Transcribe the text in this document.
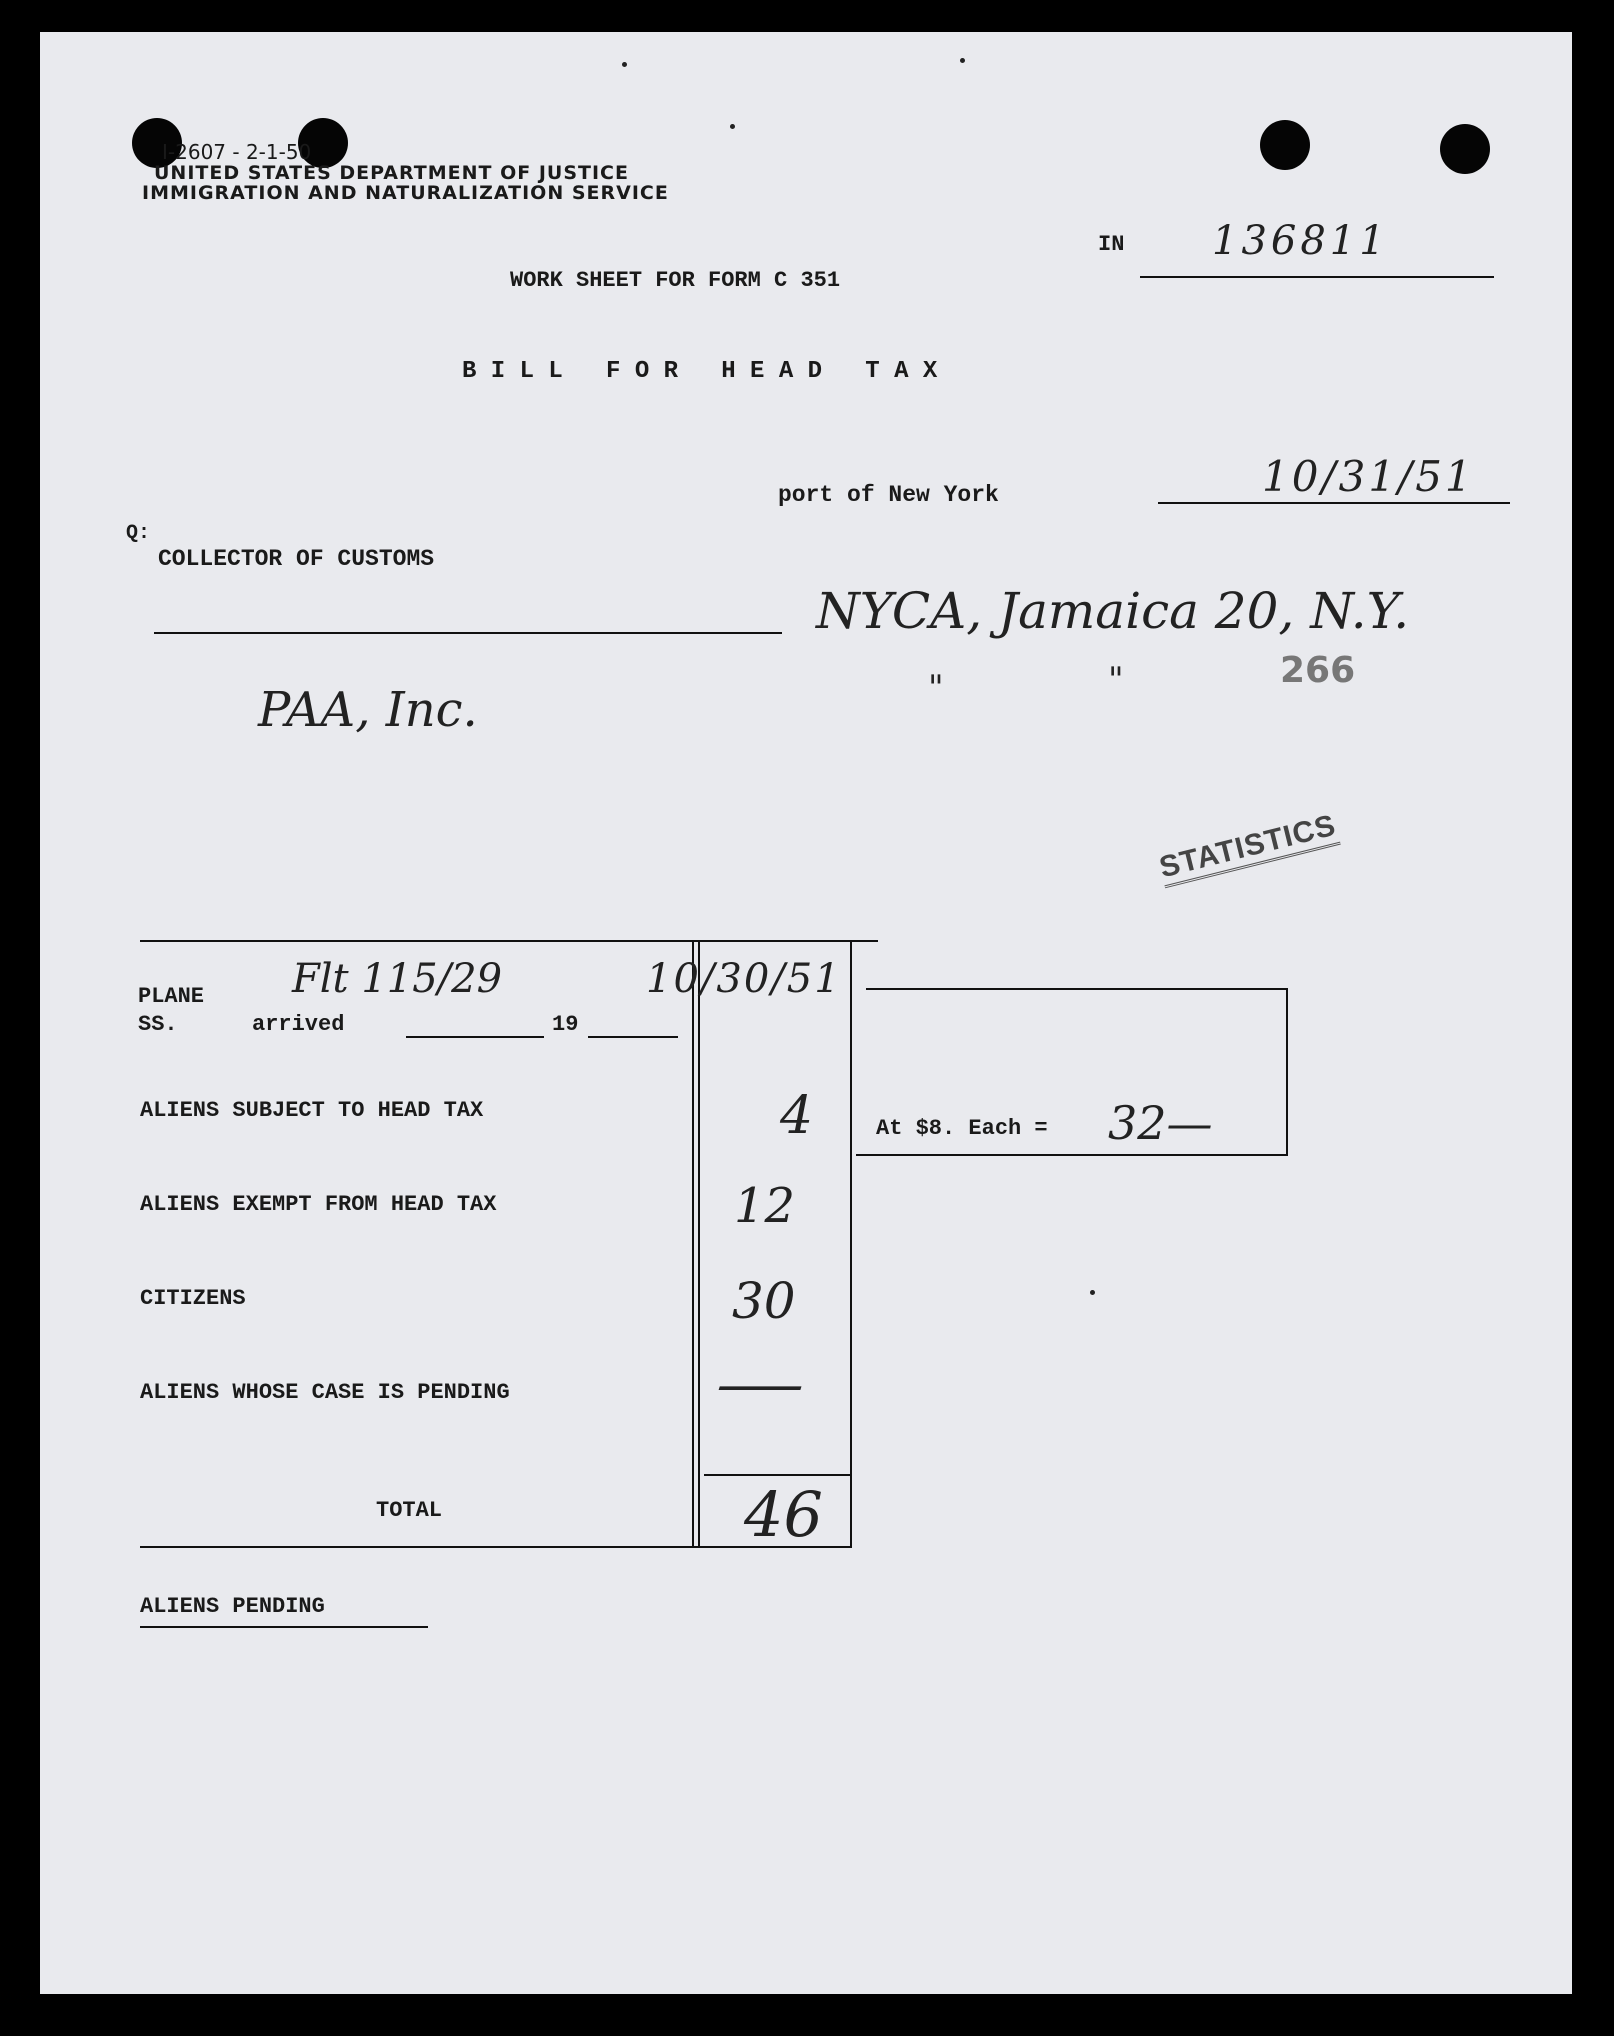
I-2607 - 2-1-50
UNITED STATES DEPARTMENT OF JUSTICE
IMMIGRATION AND NATURALIZATION SERVICE
IN 136811
WORK SHEET FOR FORM C 351
B I L L   F O R   H E A D   T A X
port of New York	10/31/51
Q:
COLLECTOR OF CUSTOMS
NYCA, Jamaica 20, N.Y.
"	"	266
PAA, Inc.
STATISTICS
PLANE
SS.	arrived	19
Flt 115/29	10/30/51
ALIENS SUBJECT TO HEAD TAX	4
ALIENS EXEMPT FROM HEAD TAX	12
CITIZENS	30
ALIENS WHOSE CASE IS PENDING	—
TOTAL	46
At $8. Each = 32—
ALIENS PENDING
